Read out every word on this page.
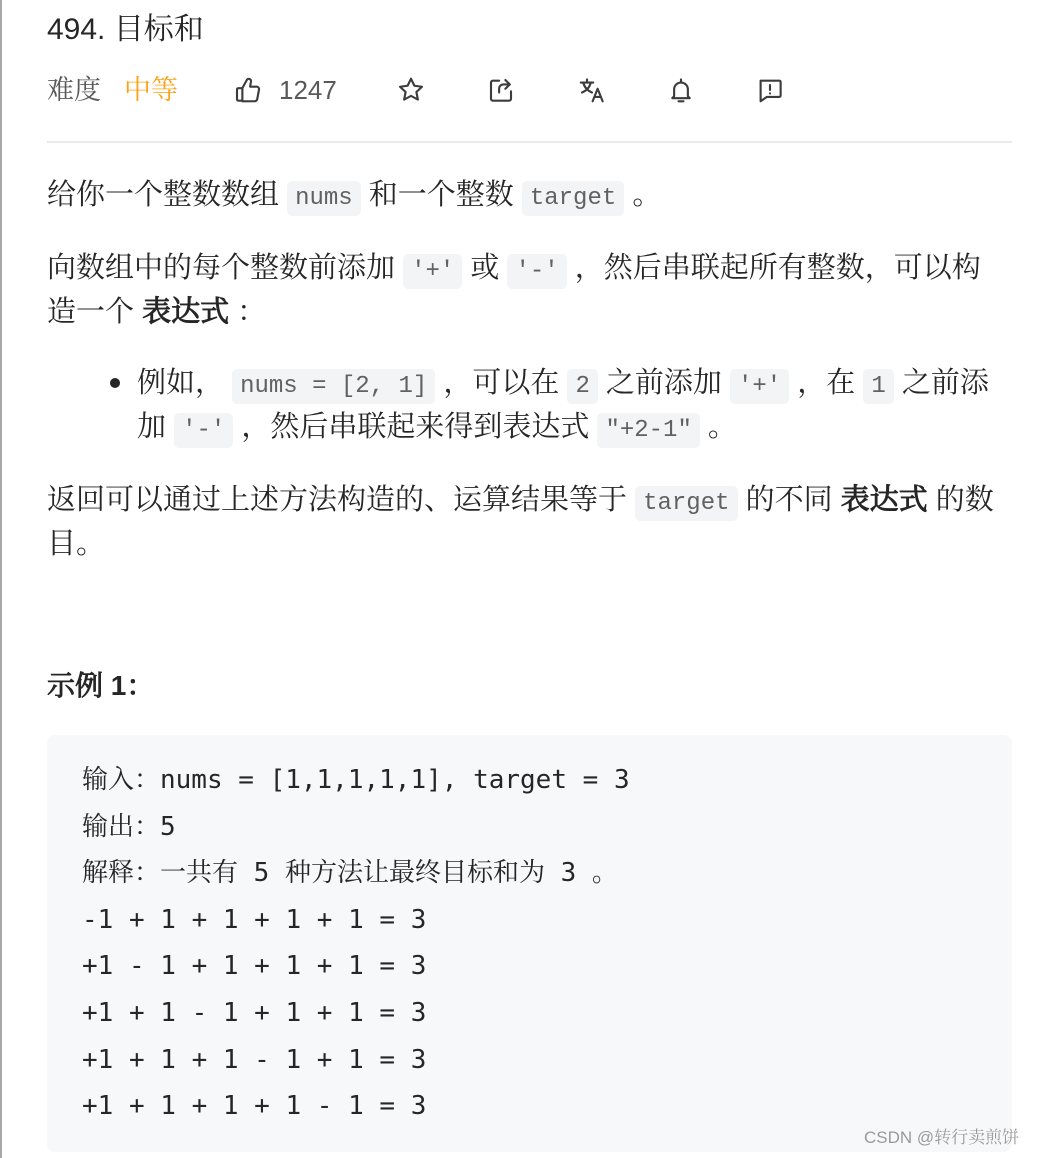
494. 目标和
难度 中等	1247
给你一个整数数组 nums 和一个整数 target 。
向数组中的每个整数前添加 '+' 或 '-' ，然后串联起所有整数，可以构
造一个 表达式 ：
例如， nums = [2, 1] ，可以在 2 之前添加 '+' ，在 1 之前添
加 '-' ，然后串联起来得到表达式 "+2-1" 。
返回可以通过上述方法构造的、运算结果等于 target 的不同 表达式 的数
目。
示例 1：
输入：nums = [1,1,1,1,1], target = 3
输出：5
解释：一共有 5 种方法让最终目标和为 3 。
-1 + 1 + 1 + 1 + 1 = 3
+1 - 1 + 1 + 1 + 1 = 3
+1 + 1 - 1 + 1 + 1 = 3
+1 + 1 + 1 - 1 + 1 = 3
+1 + 1 + 1 + 1 - 1 = 3
CSDN @转行卖煎饼
